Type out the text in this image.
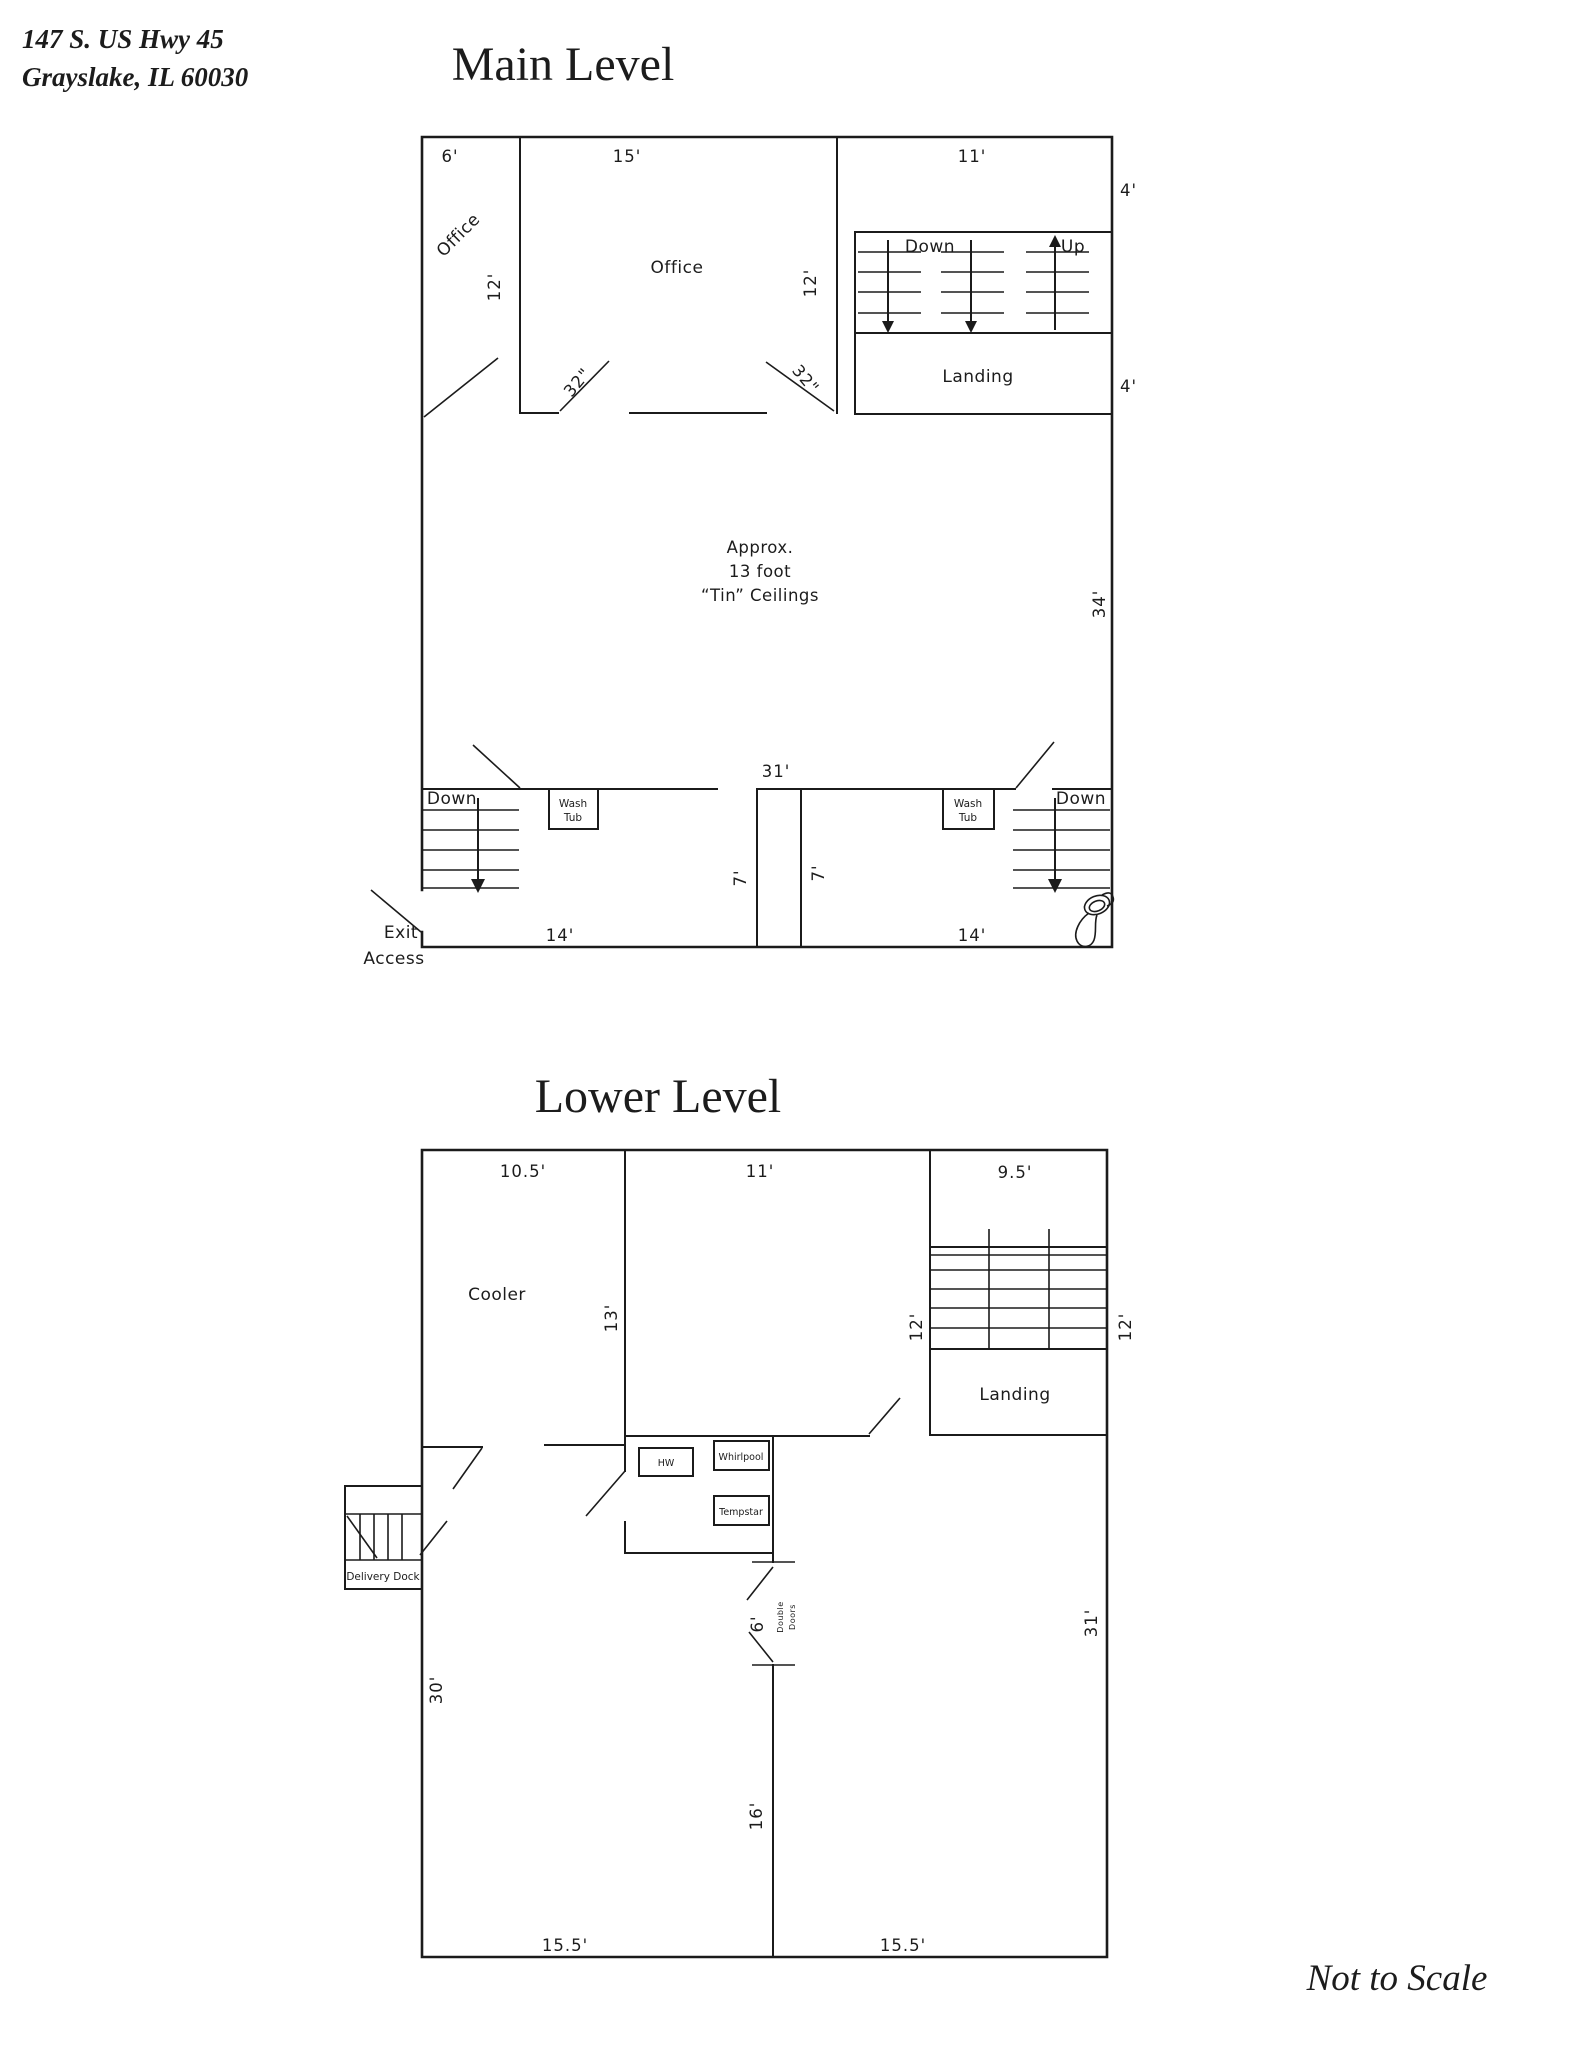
147 S. US Hwy 45
Grayslake, IL 60030	Main Level
Down	Up
Landing
Office
Office
6'	15'	11'
4'
4'
12'	12'
32"	32"
34'
31'
Approx.
13 foot
“Tin” Ceilings
Down	Down
Wash
Tub
Wash
Tub
7'	7'
14'	14'
Exit
Access
Lower Level
Landing
10.5'	11'	9.5'
Cooler
13'	12'	12'
HW
Whirlpool
Tempstar
Delivery Dock
6' Double Doors
30'
31'
16'
15.5'	15.5'
Not to Scale
